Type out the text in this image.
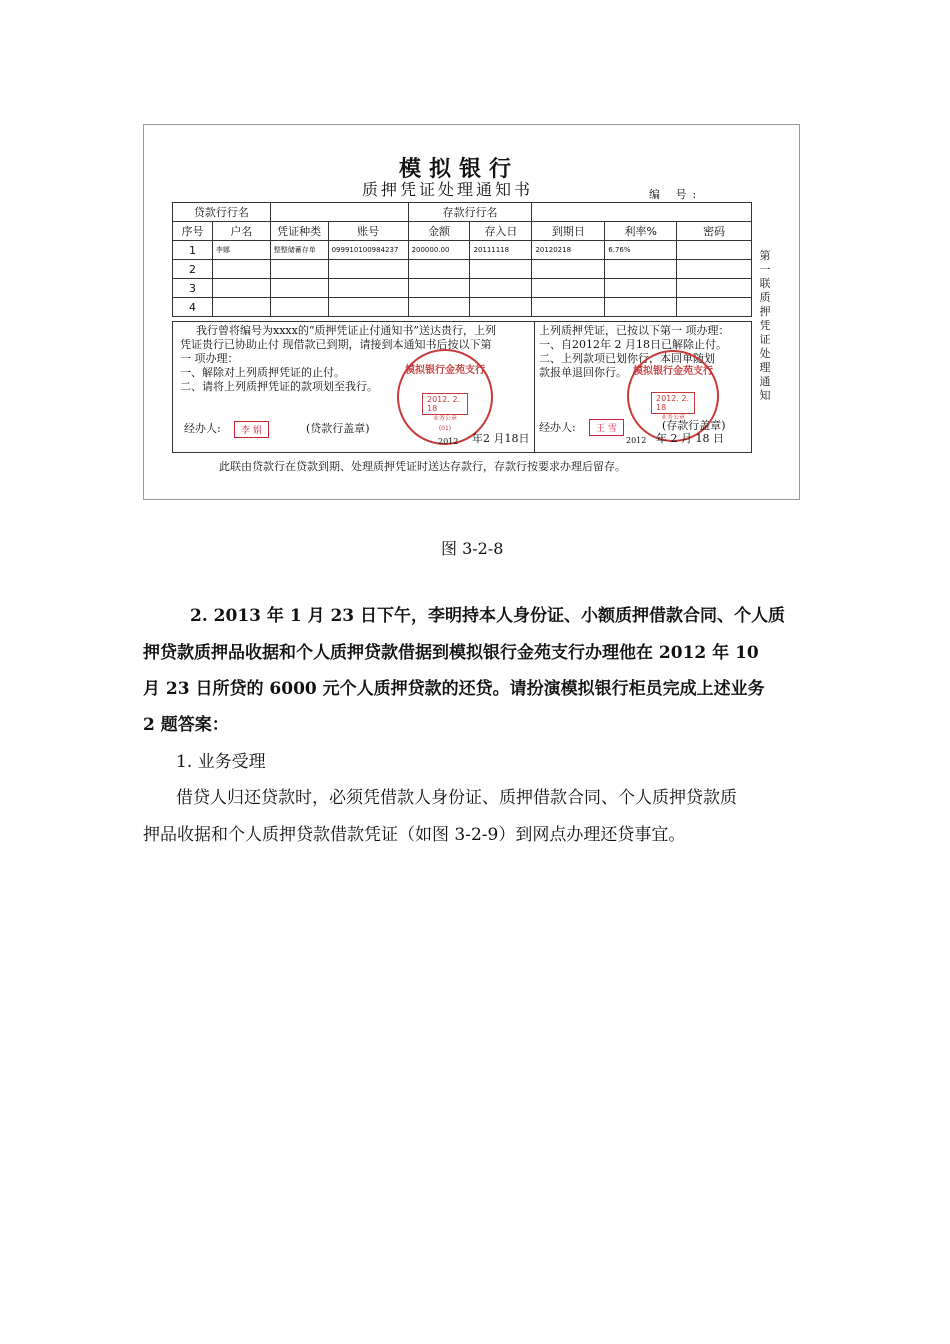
模拟银行
质押凭证处理通知书	编 号:
贷款行行名				存款行行名				
序号	户名	凭证种类	账号	金额	存入日	到期日	利率%	密码
1	李娜	整整储蓄存单	099910100984237	200000.00	20111118	20120218	6.76%	
2								
3								
4								
我行曾将编号为xxxx的“质押凭证止付通知书”送达贵行，上列
凭证贵行已协助止付 现借款已到期，请接到本通知书后按以下第
一 项办理：
一、解除对上列质押凭证的止付。
二、请将上列质押凭证的款项划至我行。
模拟银行金苑支行
2012. 2. 18
业务公章
(01)
经办人:	李 娟	(贷款行盖章)
2012 年2 月18日
上列质押凭证，已按以下第一 项办理：
一、自2012年 2 月18日已解除止付。
二、上列款项已划你行，本回单随划
款报单退回你行。 模拟银行金苑支行
2012. 2. 18
业务公章
经办人:	王 雪	(存款行盖章)
2012 年 2 月 18 日
第一联 质押凭证处理通知
此联由贷款行在贷款到期、处理质押凭证时送达存款行，存款行按要求办理后留存。
图 3-2-8
2. 2013 年 1 月 23 日下午，李明持本人身份证、小额质押借款合同、个人质
押贷款质押品收据和个人质押贷款借据到模拟银行金苑支行办理他在 2012 年 10
月 23 日所贷的 6000 元个人质押贷款的还贷。请扮演模拟银行柜员完成上述业务
2 题答案：
1. 业务受理
借贷人归还贷款时，必须凭借款人身份证、质押借款合同、个人质押贷款质
押品收据和个人质押贷款借款凭证（如图 3-2-9）到网点办理还贷事宜。
